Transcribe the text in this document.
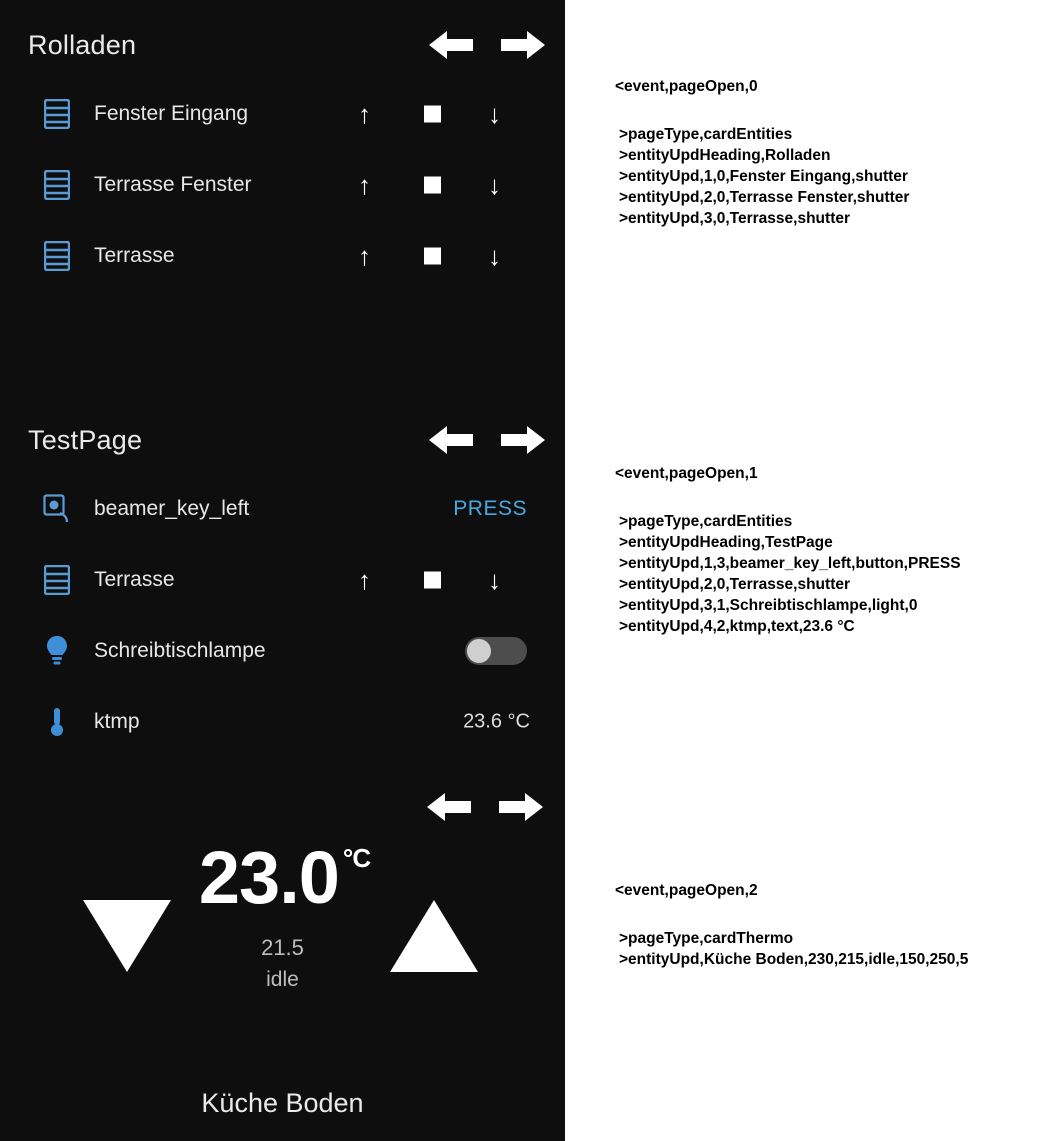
Rolladen
Fenster Eingang	↑	↓
Terrasse Fenster	↑	↓
Terrasse	↑	↓
TestPage
beamer_key_left	PRESS
Terrasse	↑	↓
Schreibtischlampe
ktmp	23.6 °C
23.0 $^{^\circ C}$
21.5
idle
Küche Boden
<event,pageOpen,0
>pageType,cardEntities
>entityUpdHeading,Rolladen
>entityUpd,1,0,Fenster Eingang,shutter
>entityUpd,2,0,Terrasse Fenster,shutter
>entityUpd,3,0,Terrasse,shutter
<event,pageOpen,1
>pageType,cardEntities
>entityUpdHeading,TestPage
>entityUpd,1,3,beamer_key_left,button,PRESS
>entityUpd,2,0,Terrasse,shutter
>entityUpd,3,1,Schreibtischlampe,light,0
>entityUpd,4,2,ktmp,text,23.6 °C
<event,pageOpen,2
>pageType,cardThermo
>entityUpd,Küche Boden,230,215,idle,150,250,5
